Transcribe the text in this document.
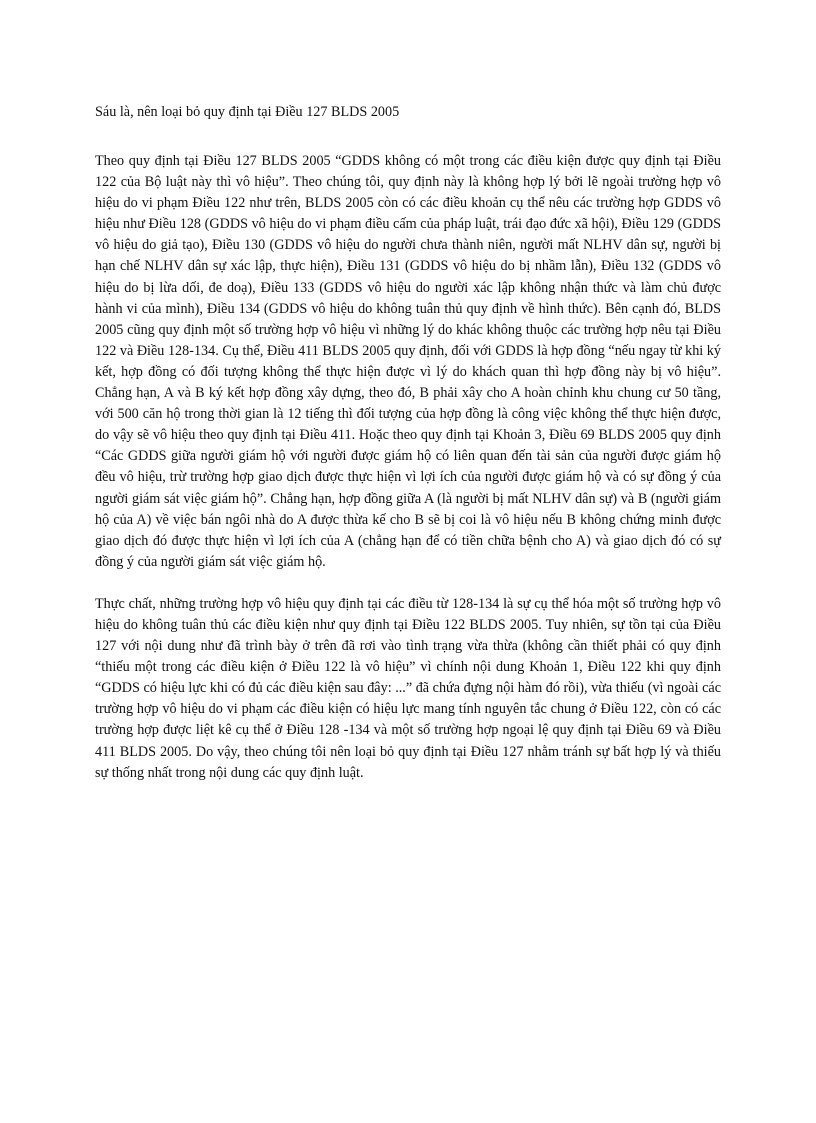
Sáu là, nên loại bỏ quy định tại Điều 127 BLDS 2005

Theo quy định tại Điều 127 BLDS 2005 “GDDS không có một trong các điều kiện được quy định tại Điều 122 của Bộ luật này thì vô hiệu”. Theo chúng tôi, quy định này là không hợp lý bởi lẽ ngoài trường hợp vô hiệu do vi phạm Điều 122 như trên, BLDS 2005 còn có các điều khoản cụ thể nêu các trường hợp GDDS vô hiệu như Điều 128 (GDDS vô hiệu do vi phạm điều cấm của pháp luật, trái đạo đức xã hội), Điều 129 (GDDS vô hiệu do giả tạo), Điều 130 (GDDS vô hiệu do người chưa thành niên, người mất NLHV dân sự, người bị hạn chế NLHV dân sự xác lập, thực hiện), Điều 131 (GDDS vô hiệu do bị nhầm lẫn), Điều 132 (GDDS vô hiệu do bị lừa dối, đe doạ), Điều 133 (GDDS vô hiệu do người xác lập không nhận thức và làm chủ được hành vi của mình), Điều 134 (GDDS vô hiệu do không tuân thủ quy định về hình thức). Bên cạnh đó, BLDS 2005 cũng quy định một số trường hợp vô hiệu vì những lý do khác không thuộc các trường hợp nêu tại Điều 122 và Điều 128-134. Cụ thể, Điều 411 BLDS 2005 quy định, đối với GDDS là hợp đồng “nếu ngay từ khi ký kết, hợp đồng có đối tượng không thể thực hiện được vì lý do khách quan thì hợp đồng này bị vô hiệu”. Chẳng hạn, A và B ký kết hợp đồng xây dựng, theo đó, B phải xây cho A hoàn chỉnh khu chung cư 50 tầng, với 500 căn hộ trong thời gian là 12 tiếng thì đối tượng của hợp đồng là công việc không thể thực hiện được, do vậy sẽ vô hiệu theo quy định tại Điều 411. Hoặc theo quy định tại Khoản 3, Điều 69 BLDS 2005 quy định “Các GDDS giữa người giám hộ với người được giám hộ có liên quan đến tài sản của người được giám hộ đều vô hiệu, trừ trường hợp giao dịch được thực hiện vì lợi ích của người được giám hộ và có sự đồng ý của người giám sát việc giám hộ”. Chẳng hạn, hợp đồng giữa A (là người bị mất NLHV dân sự) và B (người giám hộ của A) về việc bán ngôi nhà do A được thừa kế cho B sẽ bị coi là vô hiệu nếu B không chứng minh được giao dịch đó được thực hiện vì lợi ích của A (chẳng hạn để có tiền chữa bệnh cho A) và giao dịch đó có sự đồng ý của người giám sát việc giám hộ.

Thực chất, những trường hợp vô hiệu quy định tại các điều từ 128-134 là sự cụ thể hóa một số trường hợp vô hiệu do không tuân thủ các điều kiện như quy định tại Điều 122 BLDS 2005. Tuy nhiên, sự tồn tại của Điều 127 với nội dung như đã trình bày ở trên đã rơi vào tình trạng vừa thừa (không cần thiết phải có quy định “thiếu một trong các điều kiện ở Điều 122 là vô hiệu” vì chính nội dung Khoản 1, Điều 122 khi quy định “GDDS có hiệu lực khi có đủ các điều kiện sau đây: ...” đã chứa đựng nội hàm đó rồi), vừa thiếu (vì ngoài các trường hợp vô hiệu do vi phạm các điều kiện có hiệu lực mang tính nguyên tắc chung ở Điều 122, còn có các trường hợp được liệt kê cụ thể ở Điều 128 -134 và một số trường hợp ngoại lệ quy định tại Điều 69 và Điều 411 BLDS 2005. Do vậy, theo chúng tôi nên loại bỏ quy định tại Điều 127 nhằm tránh sự bất hợp lý và thiếu sự thống nhất trong nội dung các quy định luật.
